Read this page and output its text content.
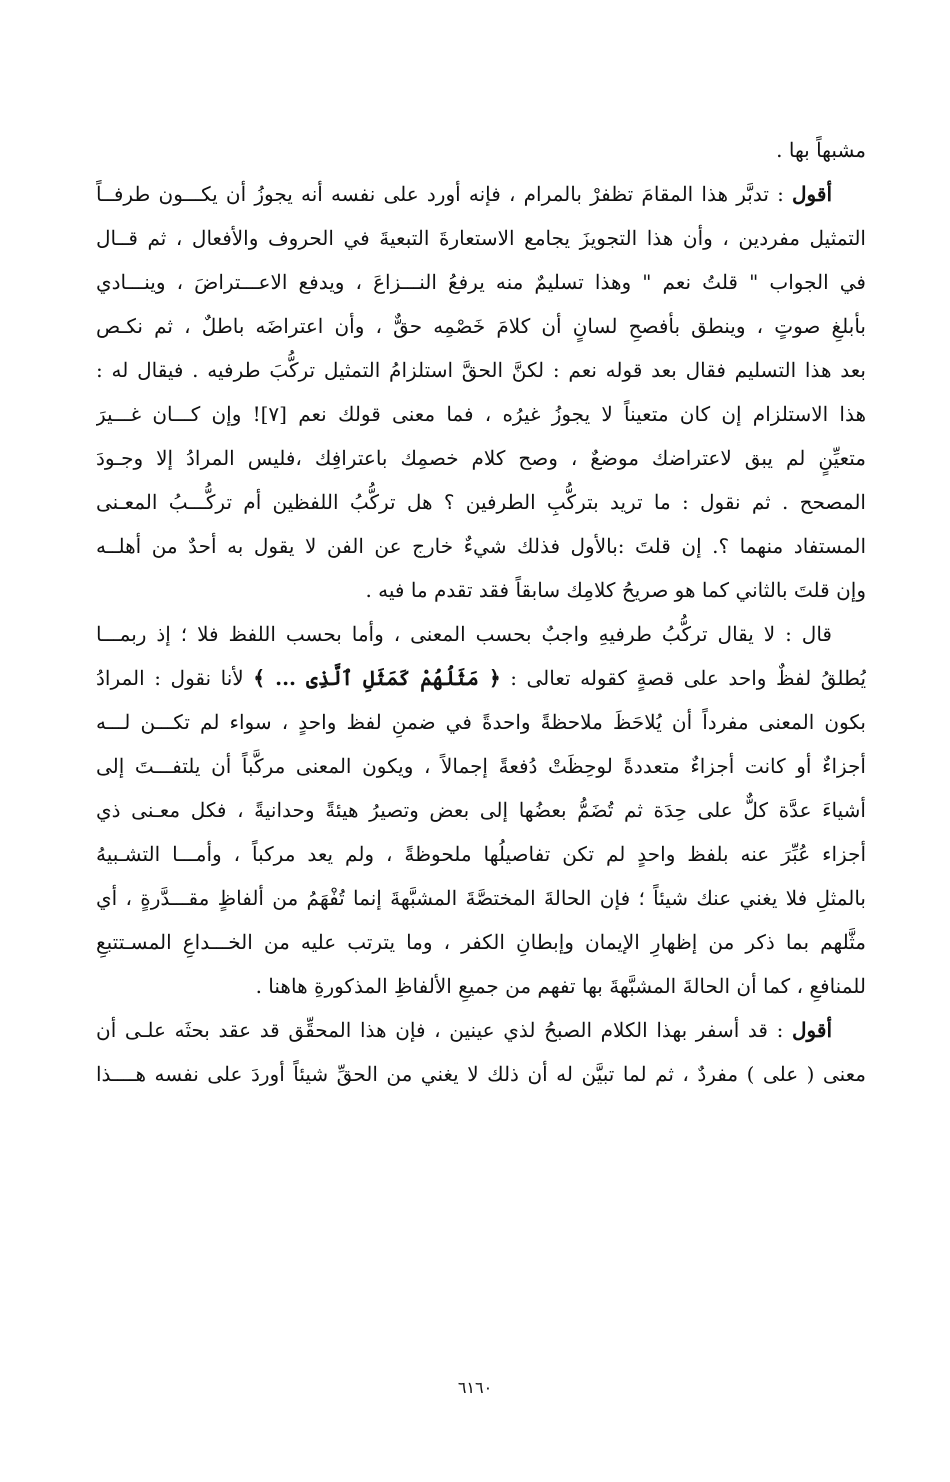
مشبهاً بها .
أقول : تدبَّر هذا المقامَ تظفرْ بالمرام ، فإنه أورد على نفسه أنه يجوزُ أن يكـــون طرفــاً
التمثيل مفردين ، وأن هذا التجويزَ يجامع الاستعارةَ التبعيةَ في الحروف والأفعال ، ثم قــال
في الجواب " قلتُ نعم " وهذا تسليمٌ منه يرفعُ النـــزاعَ ، ويدفع الاعـــتراضَ ، وينـــادي
بأبلغِ صوتٍ ، وينطق بأفصحِ لسانٍ أن كلامَ خَصْمِه حقٌّ ، وأن اعتراضَه باطلٌ ، ثم نكـص
بعد هذا التسليم فقال بعد قوله نعم : لكنَّ الحقَّ استلزامُ التمثيل تركُّبَ طرفيه . فيقال له :
هذا الاستلزام إن كان متعيناً لا يجوزُ غيرُه ، فما معنى قولك نعم [٧]! وإن كـــان غـــيرَ
متعيِّنٍ لم يبق لاعتراضك موضعٌ ، وصح كلام خصمِك باعترافِك ،فليس المرادُ إلا وجـودَ
المصحح . ثم نقول : ما تريد بتركُّبِ الطرفين ؟ هل تركُّبُ اللفظين أم تركُّـــبُ المعـنى
المستفاد منهما ؟. إن قلتَ :بالأول فذلك شيءٌ خارج عن الفن لا يقول به أحدٌ من أهلــه
وإن قلتَ بالثاني كما هو صريحُ كلامِك سابقاً فقد تقدم ما فيه .
قال : لا يقال تركُّبُ طرفيهِ واجبٌ بحسب المعنى ، وأما بحسب اللفظ فلا ؛ إذ ربمـــا
يُطلقُ لفظٌ واحد على قصةٍ كقوله تعالى : ﴿ مَثَلُهُمْ كَمَثَلِ ٱلَّذِى ... ﴾ لأنا نقول : المرادُ
بكون المعنى مفرداً أن يُلاحَظَ ملاحظةً واحدةً في ضمنِ لفظ واحدٍ ، سواء لم تكـــن لـــه
أجزاءٌ أو كانت أجزاءٌ متعددةً لوحِظَتْ دُفعةً إجمالاً ، ويكون المعنى مركَّباً أن يلتفـــتَ إلى
أشياءَ عدَّة كلٌّ على حِدَة ثم تُضَمُّ بعضُها إلى بعض وتصيرُ هيئةً وحدانيةً ، فكل معـنى ذي
أجزاء عُبِّرَ عنه بلفظ واحدٍ لم تكن تفاصيلُها ملحوظةً ، ولم يعد مركباً ، وأمـــا التشـبيهُ
بالمثلِ فلا يغني عنك شيئاً ؛ فإن الحالةَ المختصَّةَ المشبَّهةَ إنما تُفْهَمُ من ألفاظٍ مقـــدَّرةٍ ، أي
مثَّلهم بما ذكر من إظهارِ الإيمان وإبطانِ الكفر ، وما يترتب عليه من الخـــداعِ المسـتتبعِ
للمنافعِ ، كما أن الحالةَ المشبَّهةَ بها تفهم من جميعِ الألفاظِ المذكورةِ هاهنا .
أقول : قد أسفر بهذا الكلام الصبحُ لذي عينين ، فإن هذا المحقِّق قد عقد بحثَه علـى أن
معنى ( على ) مفردٌ ، ثم لما تبيَّن له أن ذلك لا يغني من الحقِّ شيئاً أوردَ على نفسه هــــذا
٦١٦٠
